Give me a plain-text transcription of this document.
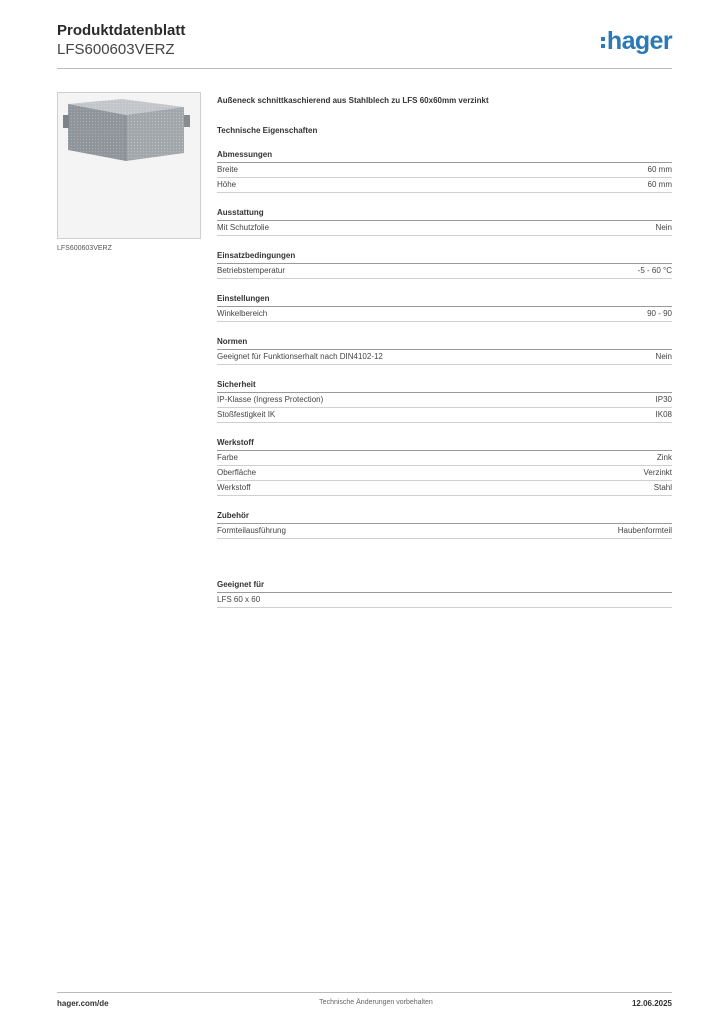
Produktdatenblatt
LFS600603VERZ	hager
LFS600603VERZ
Außeneck schnittkaschierend aus Stahlblech zu LFS 60x60mm verzinkt
Technische Eigenschaften
Abmessungen
Breite	60 mm
Höhe	60 mm
Ausstattung
Mit Schutzfolie	Nein
Einsatzbedingungen
Betriebstemperatur	-5 - 60 °C
Einstellungen
Winkelbereich	90 - 90
Normen
Geeignet für Funktionserhalt nach DIN4102-12	Nein
Sicherheit
IP-Klasse (Ingress Protection)	IP30
Stoßfestigkeit IK	IK08
Werkstoff
Farbe	Zink
Oberfläche	Verzinkt
Werkstoff	Stahl
Zubehör
Formteilausführung	Haubenformteil
Geeignet für
LFS 60 x 60
hager.com/de	Technische Änderungen vorbehalten	12.06.2025
